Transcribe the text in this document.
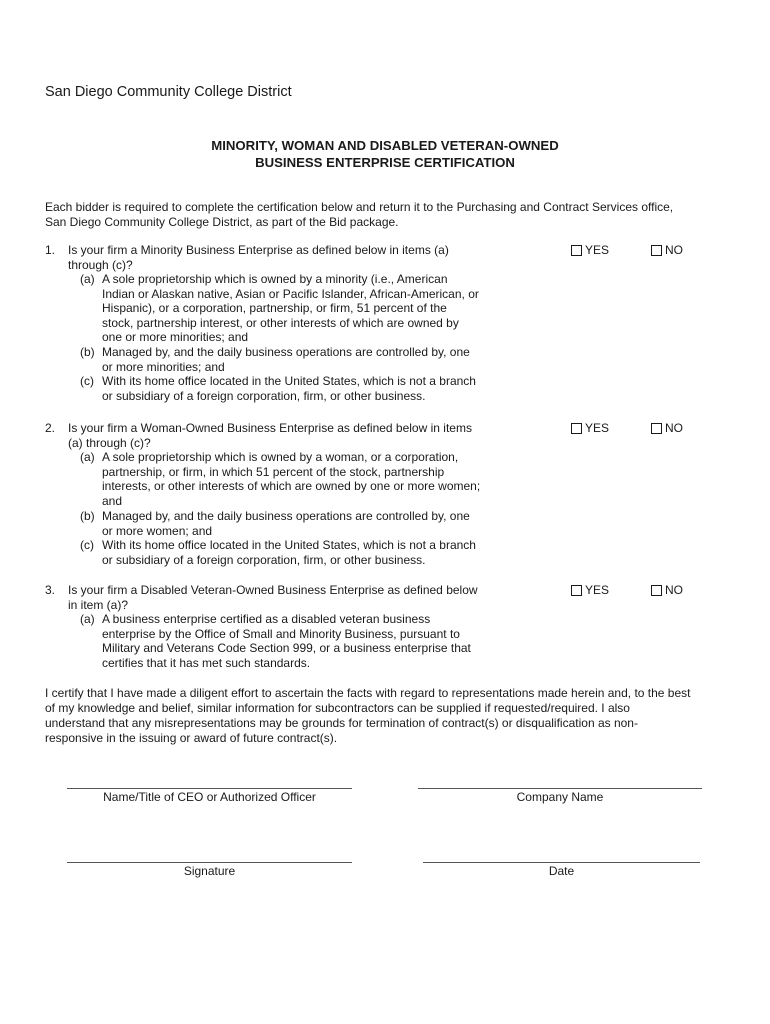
San Diego Community College District
MINORITY, WOMAN AND DISABLED VETERAN-OWNED
BUSINESS ENTERPRISE CERTIFICATION
Each bidder is required to complete the certification below and return it to the Purchasing and Contract Services office,
San Diego Community College District, as part of the Bid package.
1. Is your firm a Minority Business Enterprise as defined below in items (a)
through (c)?
(a) A sole proprietorship which is owned by a minority (i.e., American
Indian or Alaskan native, Asian or Pacific Islander, African-American, or
Hispanic), or a corporation, partnership, or firm, 51 percent of the
stock, partnership interest, or other interests of which are owned by
one or more minorities; and
(b) Managed by, and the daily business operations are controlled by, one
or more minorities; and
(c) With its home office located in the United States, which is not a branch
or subsidiary of a foreign corporation, firm, or other business.
YES	NO
2. Is your firm a Woman-Owned Business Enterprise as defined below in items
(a) through (c)?
(a) A sole proprietorship which is owned by a woman, or a corporation,
partnership, or firm, in which 51 percent of the stock, partnership
interests, or other interests of which are owned by one or more women;
and
(b) Managed by, and the daily business operations are controlled by, one
or more women; and
(c) With its home office located in the United States, which is not a branch
or subsidiary of a foreign corporation, firm, or other business.
YES	NO
3. Is your firm a Disabled Veteran-Owned Business Enterprise as defined below
in item (a)?
(a) A business enterprise certified as a disabled veteran business
enterprise by the Office of Small and Minority Business, pursuant to
Military and Veterans Code Section 999, or a business enterprise that
certifies that it has met such standards.
YES	NO
I certify that I have made a diligent effort to ascertain the facts with regard to representations made herein and, to the best
of my knowledge and belief, similar information for subcontractors can be supplied if requested/required. I also
understand that any misrepresentations may be grounds for termination of contract(s) or disqualification as non-
responsive in the issuing or award of future contract(s).
Name/Title of CEO or Authorized Officer	Company Name
Signature	Date
